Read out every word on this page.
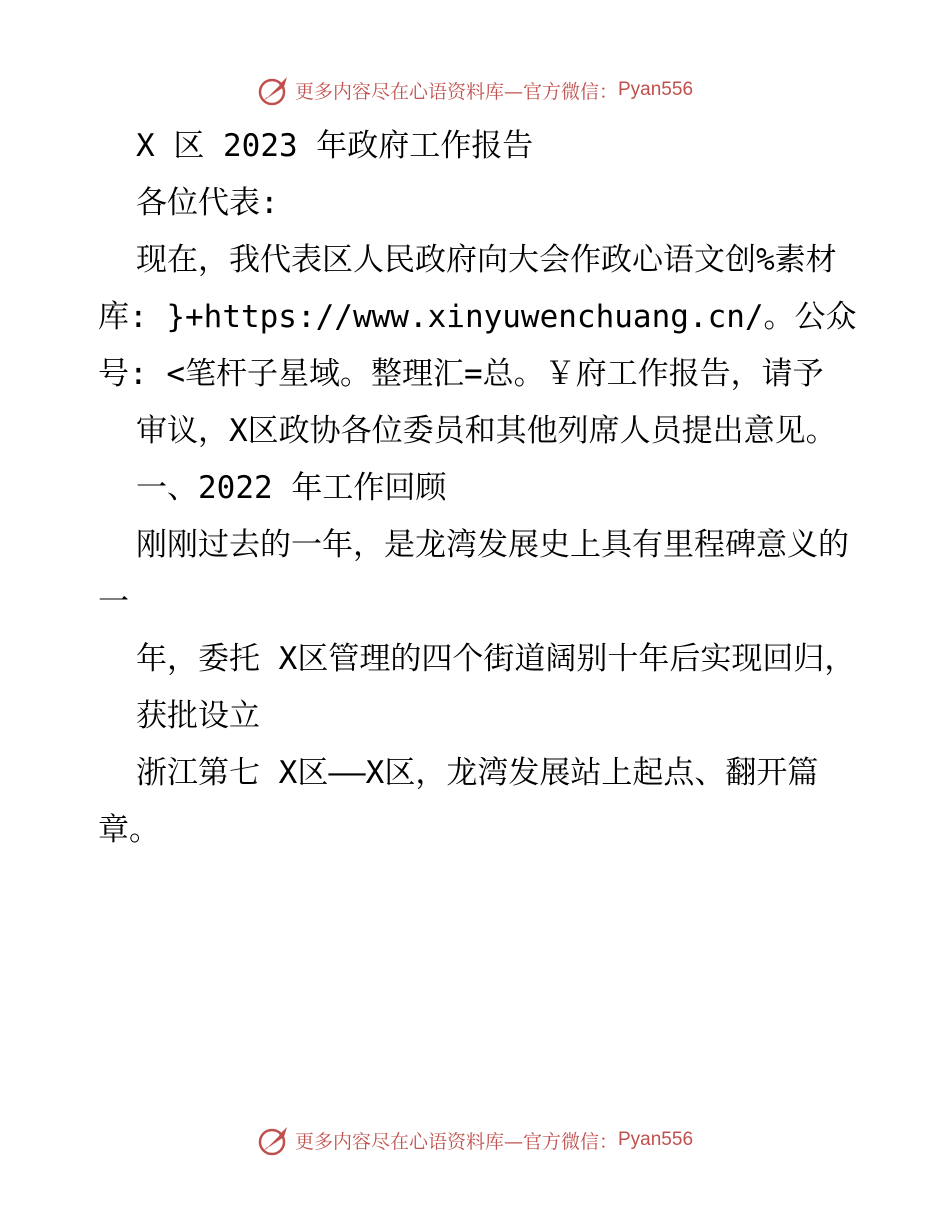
更多内容尽在心语资料库—官方微信： Pyan556

X 区 2023 年政府工作报告

各位代表:

现在，我代表区人民政府向大会作政心语文创%素材库: }+https://www.xinyuwenchuang.cn/。公众号: <笔杆子星域。整理汇=总。￥府工作报告，请予

审议，X区政协各位委员和其他列席人员提出意见。

一、2022 年工作回顾

刚刚过去的一年，是龙湾发展史上具有里程碑意义的一

年，委托 X区管理的四个街道阔别十年后实现回归，

获批设立

浙江第七 X区——X区，龙湾发展站上起点、翻开篇章。

更多内容尽在心语资料库—官方微信： Pyan556
